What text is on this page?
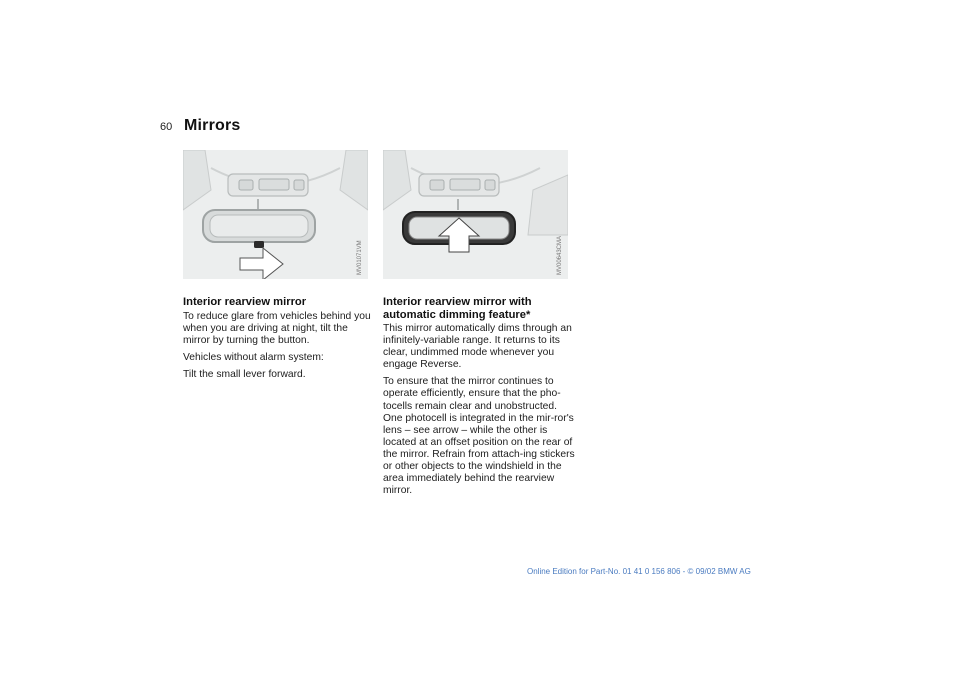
60 Mirrors
MV01071VM	MV00643CMA
Interior rearview mirror

To reduce glare from vehicles behind you when you are driving at night, tilt the mirror by turning the button.

Vehicles without alarm system:

Tilt the small lever forward.

Interior rearview mirror with automatic dimming feature*

This mirror automatically dims through an infinitely-variable range. It returns to its clear, undimmed mode whenever you engage Reverse.

To ensure that the mirror continues to operate efficiently, ensure that the pho-tocells remain clear and unobstructed. One photocell is integrated in the mir-ror's lens – see arrow – while the other is located at an offset position on the rear of the mirror. Refrain from attach-ing stickers or other objects to the windshield in the area immediately behind the rearview mirror.

Online Edition for Part-No. 01 41 0 156 806 - © 09/02 BMW AG
